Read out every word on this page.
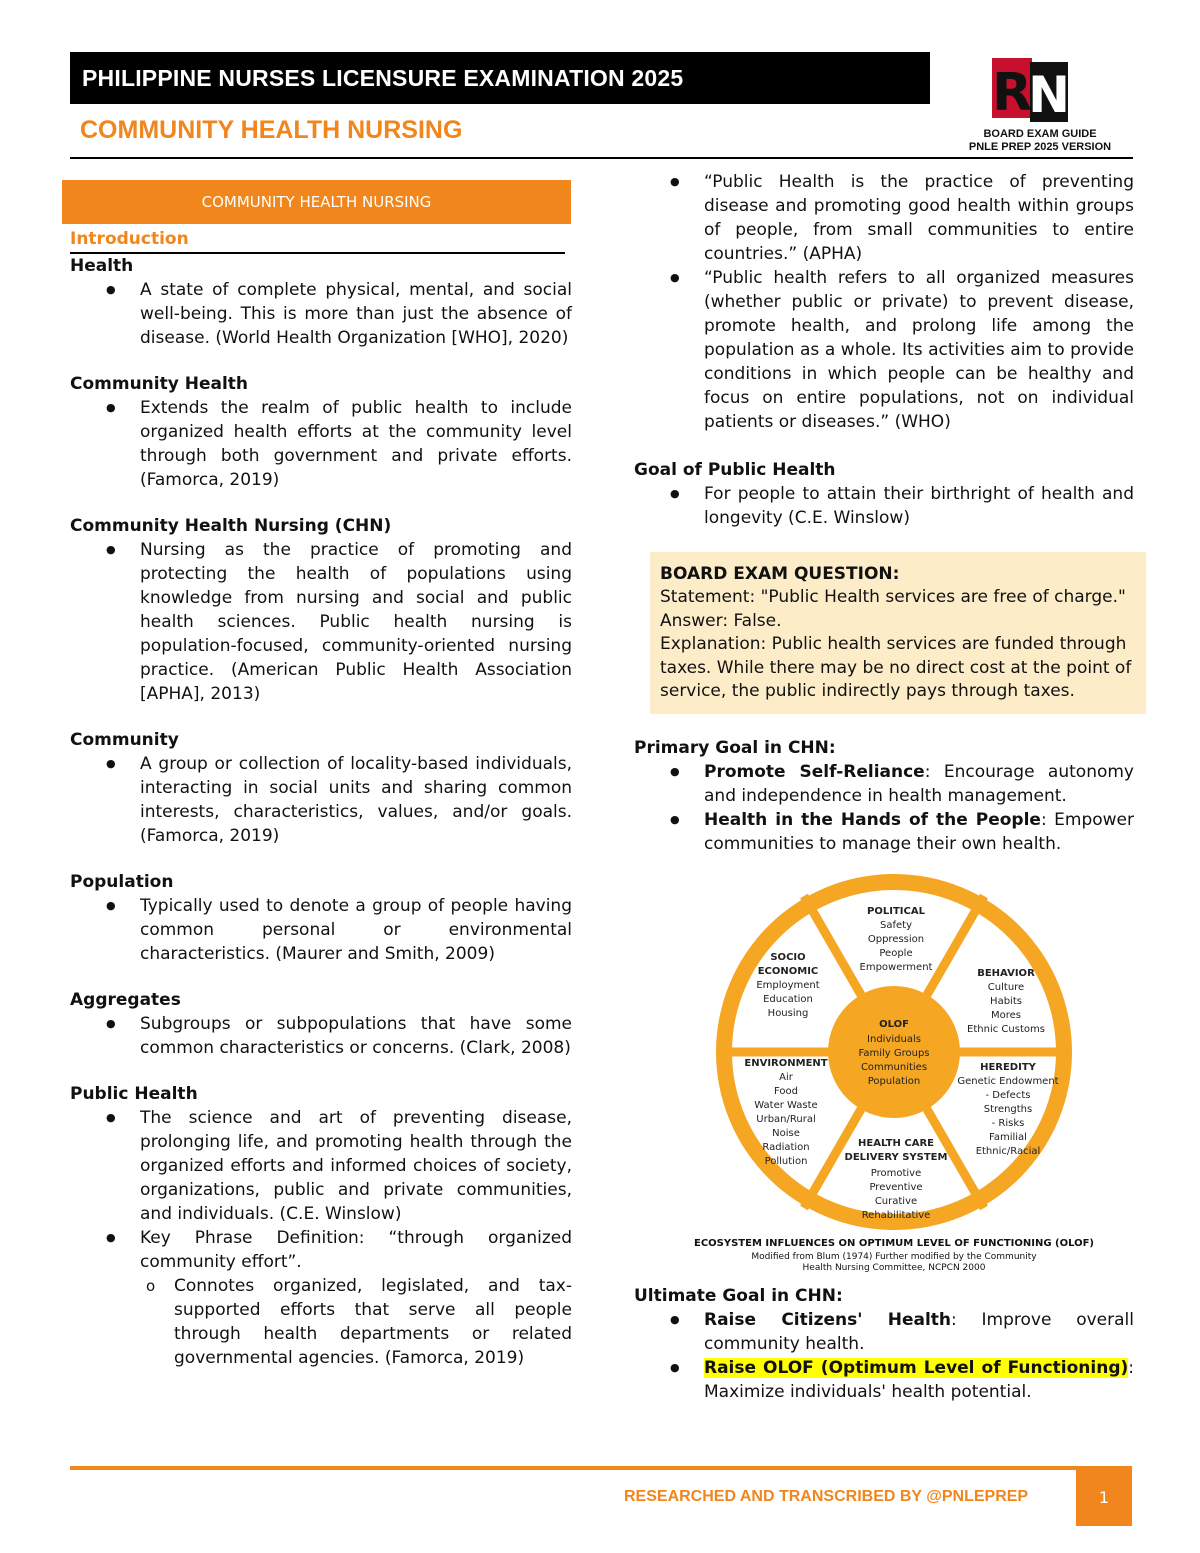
PHILIPPINE NURSES LICENSURE EXAMINATION 2025
COMMUNITY HEALTH NURSING
R
N
BOARD EXAM GUIDE
PNLE PREP 2025 VERSION
COMMUNITY HEALTH NURSING
Introduction
Health
● A state of complete physical, mental, and social well-being. This is more than just the absence of disease. (World Health Organization [WHO], 2020)
Community Health
● Extends the realm of public health to include organized health efforts at the community level through both government and private efforts. (Famorca, 2019)
Community Health Nursing (CHN)
● Nursing as the practice of promoting and protecting the health of populations using knowledge from nursing and social and public health sciences. Public health nursing is population-focused, community-oriented nursing practice. (American Public Health Association [APHA], 2013)
Community
● A group or collection of locality-based individuals, interacting in social units and sharing common interests, characteristics, values, and/or goals. (Famorca, 2019)
Population
● Typically used to denote a group of people having common personal or environmental characteristics. (Maurer and Smith, 2009)
Aggregates
● Subgroups or subpopulations that have some common characteristics or concerns. (Clark, 2008)
Public Health
● The science and art of preventing disease, prolonging life, and promoting health through the organized efforts and informed choices of society, organizations, public and private communities, and individuals. (C.E. Winslow)
● Key Phrase Definition: “through organized community effort”.
o Connotes organized, legislated, and tax-supported efforts that serve all people through health departments or related governmental agencies. (Famorca, 2019)
● “Public Health is the practice of preventing disease and promoting good health within groups of people, from small communities to entire countries.” (APHA)
● “Public health refers to all organized measures (whether public or private) to prevent disease, promote health, and prolong life among the population as a whole. Its activities aim to provide conditions in which people can be healthy and focus on entire populations, not on individual patients or diseases.” (WHO)
Goal of Public Health
● For people to attain their birthright of health and longevity (C.E. Winslow)
BOARD EXAM QUESTION:

Statement: "Public Health services are free of charge."

Answer: False.

Explanation: Public health services are funded through taxes. While there may be no direct cost at the point of service, the public indirectly pays through taxes.

Primary Goal in CHN:
● Promote Self-Reliance: Encourage autonomy and independence in health management.
● Health in the Hands of the People: Empower communities to manage their own health.
OLOF
Individuals
Family Groups
Communities
Population
POLITICAL
Safety
Oppression
People
Empowerment
BEHAVIOR
Culture
Habits
Mores
Ethnic Customs
HEREDITY
Genetic Endowment
- Defects
Strengths
- Risks
Familial
Ethnic/Racial
HEALTH CARE
DELIVERY SYSTEM
Promotive
Preventive
Curative
Rehabilitative
ENVIRONMENT
Air
Food
Water Waste
Urban/Rural
Noise
Radiation
Pollution
SOCIO
ECONOMIC
Employment
Education
Housing
ECOSYSTEM INFLUENCES ON OPTIMUM LEVEL OF FUNCTIONING (OLOF)
Modified from Blum (1974) Further modified by the Community
Health Nursing Committee, NCPCN 2000
Ultimate Goal in CHN:
● Raise Citizens' Health: Improve overall community health.
● Raise OLOF (Optimum Level of Functioning): Maximize individuals' health potential.
RESEARCHED AND TRANSCRIBED BY @PNLEPREP	1
